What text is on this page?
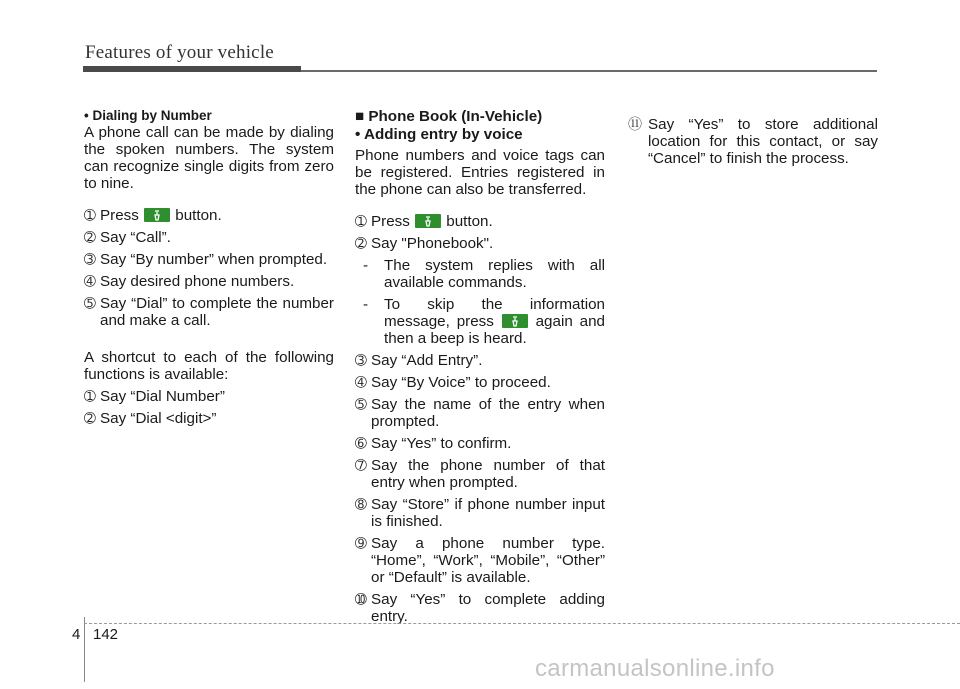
Features of your vehicle
• Dialing by Number

A phone call can be made by dialing the spoken numbers. The system can recognize single digits from zero to nine.

➀ Press
button.
➁ Say “Call”.
➂ Say “By number” when prompted.
➃ Say desired phone numbers.
➄ Say “Dial” to complete the number and make a call.

A shortcut to each of the following functions is available:

➀ Say “Dial Number”
➁ Say “Dial <digit>”
■ Phone Book (In-Vehicle)
• Adding entry by voice

Phone numbers and voice tags can be registered. Entries registered in the phone can also be transferred.

➀ Press
button.
➁ Say "Phonebook".
- The system replies with all available commands.
- To skip the information message, press
again and then a beep is heard.
➂ Say “Add Entry”.
➃ Say “By Voice” to proceed.
➄ Say the name of the entry when prompted.
➅ Say “Yes” to confirm.
➆ Say the phone number of that entry when prompted.
➇ Say “Store” if phone number input is finished.
➈ Say a phone number type. “Home”, “Work”, “Mobile”, “Other” or “Default” is available.
➉ Say “Yes” to complete adding entry.
⑪ Say “Yes” to store additional location for this contact, or say “Cancel” to finish the process.
4 142
carmanualsonline.info
